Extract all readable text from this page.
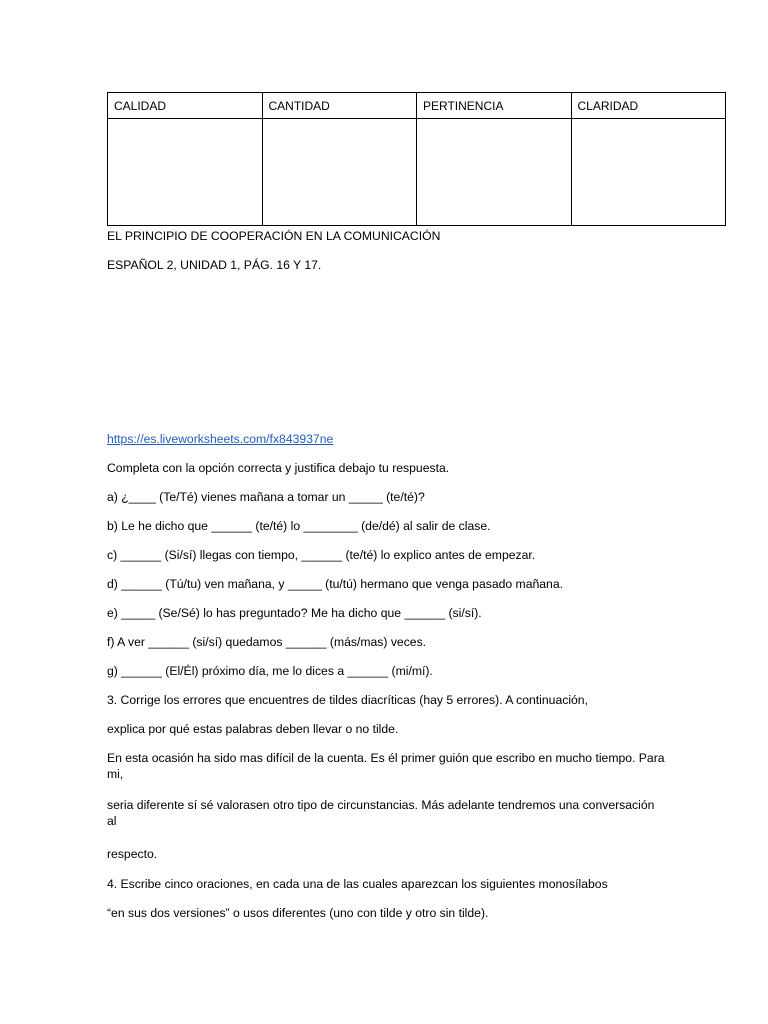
CALIDAD	CANTIDAD	PERTINENCIA	CLARIDAD

EL PRINCIPIO DE COOPERACIÓN EN LA COMUNICACIÓN
ESPAÑOL 2, UNIDAD 1, PÁG. 16 Y 17.
https://es.liveworksheets.com/fx843937ne
Completa con la opción correcta y justifica debajo tu respuesta.
a) ¿____ (Te/Té) vienes mañana a tomar un _____ (te/té)?
b) Le he dicho que ______ (te/té) lo ________ (de/dé) al salir de clase.
c) ______ (Si/sí) llegas con tiempo, ______ (te/té) lo explico antes de empezar.
d) ______ (Tú/tu) ven mañana, y _____ (tu/tú) hermano que venga pasado mañana.
e) _____ (Se/Sé) lo has preguntado? Me ha dicho que ______ (si/sí).
f) A ver ______ (si/sí) quedamos ______ (más/mas) veces.
g) ______ (El/Él) próximo día, me lo dices a ______ (mi/mí).
3. Corrige los errores que encuentres de tildes diacríticas (hay 5 errores). A continuación,
explica por qué estas palabras deben llevar o no tilde.
En esta ocasión ha sido mas difícil de la cuenta. Es él primer guión que escribo en mucho tiempo. Para mi,
seria diferente sí sé valorasen otro tipo de circunstancias. Más adelante tendremos una conversación al
respecto.
4. Escribe cinco oraciones, en cada una de las cuales aparezcan los siguientes monosílabos
“en sus dos versiones” o usos diferentes (uno con tilde y otro sin tilde).
